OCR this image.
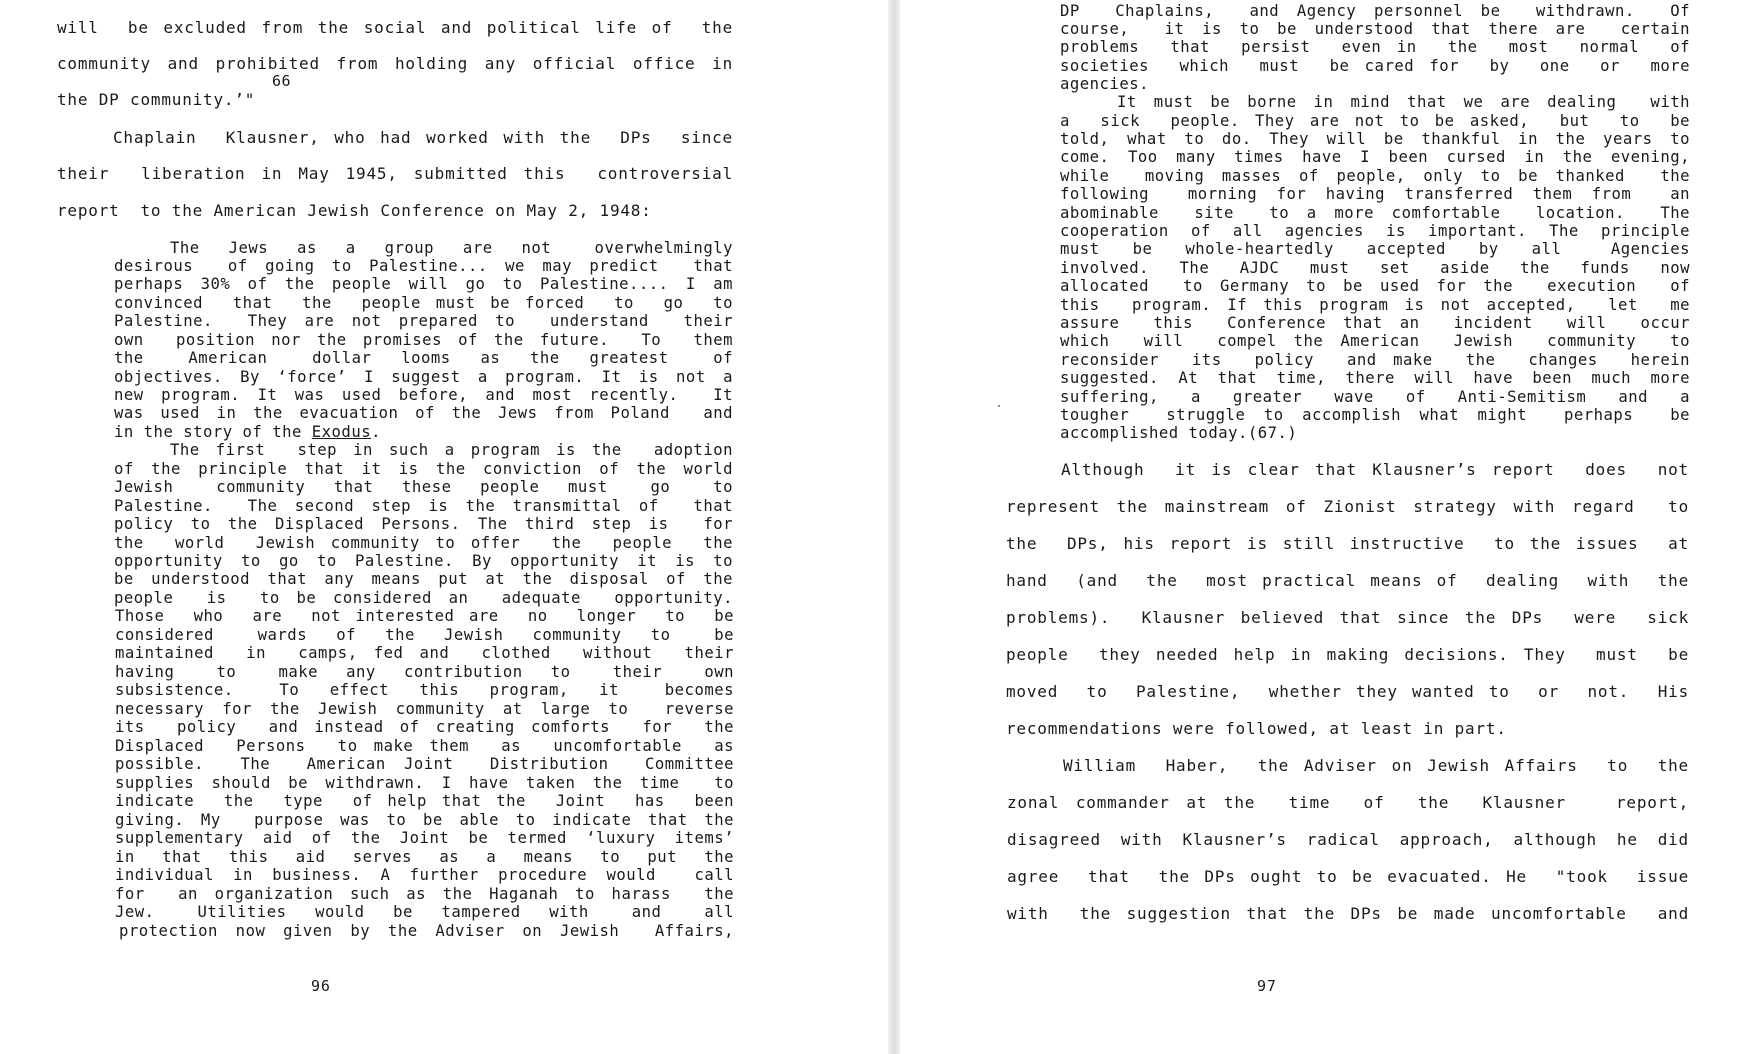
will  be excluded from the social and political life of  the
community and prohibited from holding any official office in
66
the DP community.’"
Chaplain  Klausner, who had worked with the  DPs  since
their  liberation in May 1945, submitted this  controversial
report  to the American Jewish Conference on May 2, 1948:
The  Jews  as  a  group  are  not   overwhelmingly
desirous  of going to Palestine... we may predict  that
perhaps 30% of the people will go to Palestine.... I am
convinced  that  the  people must be forced  to  go  to
Palestine.  They are not prepared to  understand  their
own  position nor the promises of the future.  To  them
the   American   dollar  looms  as  the  greatest   of
objectives. By ‘force’ I suggest a program. It is not a
new program. It was used before, and most recently.  It
was used in the evacuation of the Jews from Poland  and
in the story of the Exodus.
The first  step in such a program is the  adoption
of the principle that it is the conviction of the world
Jewish   community  that  these  people  must   go   to
Palestine.  The second step is the transmittal of  that
policy to the Displaced Persons. The third step is  for
the  world  Jewish community to offer  the  people  the
opportunity to go to Palestine. By opportunity it is to
be understood that any means put at the disposal of the
people  is  to be considered an  adequate  opportunity.
Those  who  are  not interested are  no  longer  to  be
considered   wards  of  the  Jewish  community  to   be
maintained  in  camps, fed and  clothed  without  their
having   to   make  any  contribution  to   their   own
subsistence.   To  effect  this  program,  it   becomes
necessary for the Jewish community at large to  reverse
its  policy  and instead of creating comforts  for  the
Displaced  Persons  to make them  as  uncomfortable  as
possible.  The  American Joint  Distribution  Committee
supplies should be withdrawn. I have taken the time  to
indicate  the  type  of help that the  Joint  has  been
giving. My  purpose was to be able to indicate that the
supplementary aid of the Joint be termed ‘luxury items’
in  that  this  aid  serves  as  a  means  to  put  the
individual in business. A further procedure would  call
for  an organization such as the Haganah to harass  the
Jew.   Utilities  would  be  tampered  with   and   all
protection now given by the Adviser on Jewish  Affairs,
96
DP  Chaplains,  and Agency personnel be  withdrawn.  Of
course,  it is to be understood that there are  certain
problems  that  persist  even in  the  most  normal  of
societies  which  must  be cared for  by  one  or  more
agencies.
It must be borne in mind that we are dealing  with
a  sick  people. They are not to be asked,  but  to  be
told, what to do. They will be thankful in the years to
come. Too many times have I been cursed in the evening,
while  moving masses of people, only to be thanked  the
following  morning for having transferred them from  an
abominable  site  to a more comfortable  location.  The
cooperation of all agencies is important. The principle
must  be  whole-heartedly  accepted  by  all   Agencies
involved.  The  AJDC  must  set  aside  the  funds  now
allocated  to Germany to be used for the  execution  of
this  program. If this program is not accepted,  let  me
assure  this  Conference that an  incident  will  occur
which  will  compel the American  Jewish  community  to
reconsider  its  policy  and make  the  changes  herein
suggested. At that time, there will have been much more
suffering,  a  greater  wave  of  Anti-Semitism  and  a
tougher  struggle to accomplish what might  perhaps  be
accomplished today.(67.)
Although  it is clear that Klausner’s report  does  not
represent the mainstream of Zionist strategy with regard  to
the  DPs, his report is still instructive  to the issues  at
hand  (and  the  most practical means of  dealing  with  the
problems).  Klausner believed that since the DPs  were  sick
people  they needed help in making decisions. They  must  be
moved  to  Palestine,  whether they wanted to  or  not.  His
recommendations were followed, at least in part.
William  Haber,  the Adviser on Jewish Affairs  to  the
zonal commander at the  time  of  the  Klausner   report,
disagreed with Klausner’s radical approach, although he did
agree  that  the DPs ought to be evacuated. He  "took  issue
with  the suggestion that the DPs be made uncomfortable  and
97
